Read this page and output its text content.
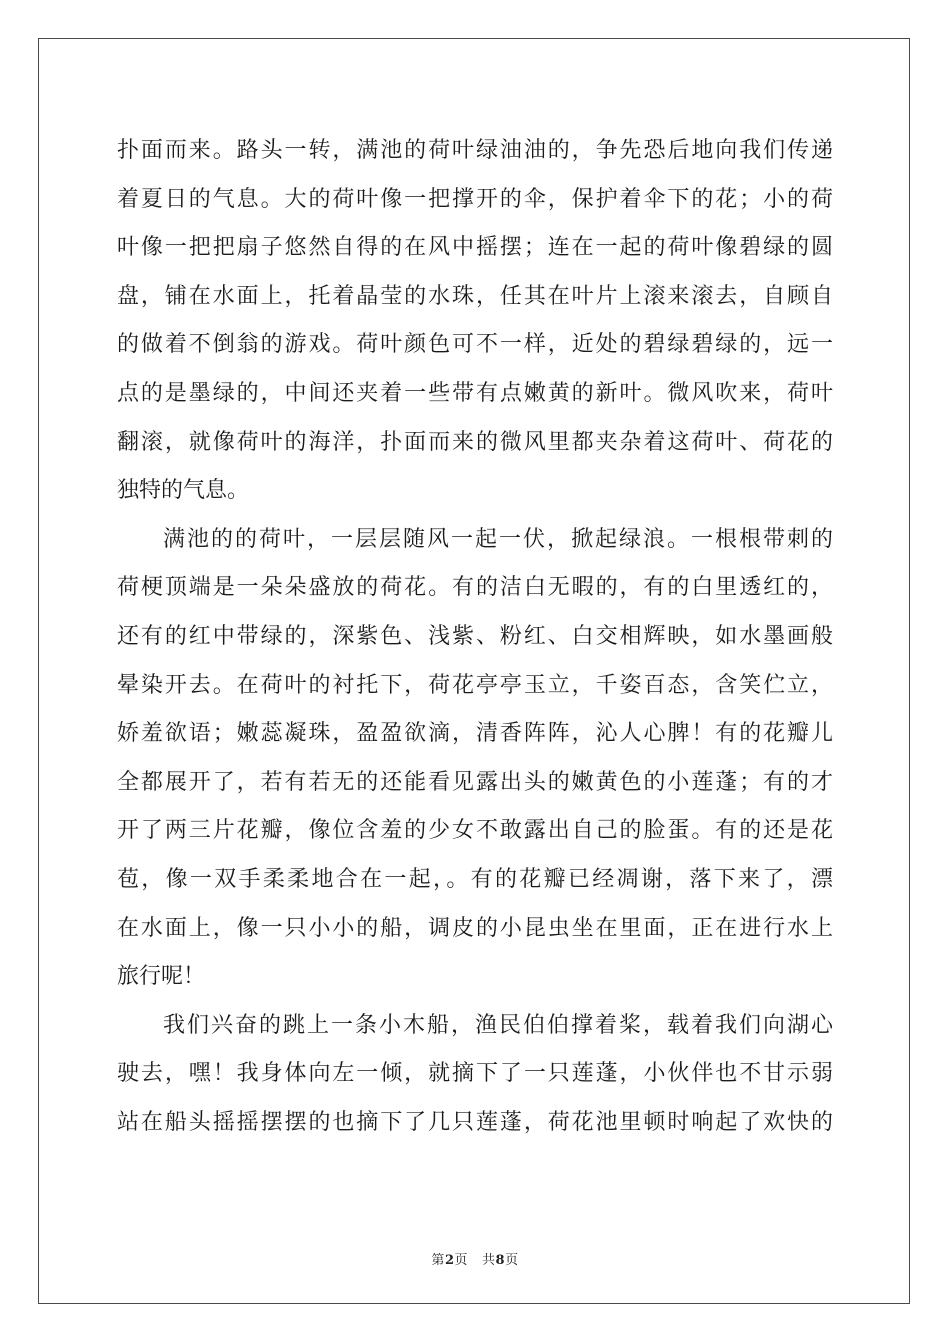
扑面而来。路头一转，满池的荷叶绿油油的，争先恐后地向我们传递
着夏日的气息。大的荷叶像一把撑开的伞，保护着伞下的花；小的荷
叶像一把把扇子悠然自得的在风中摇摆；连在一起的荷叶像碧绿的圆
盘，铺在水面上，托着晶莹的水珠，任其在叶片上滚来滚去，自顾自
的做着不倒翁的游戏。荷叶颜色可不一样，近处的碧绿碧绿的，远一
点的是墨绿的，中间还夹着一些带有点嫩黄的新叶。微风吹来，荷叶
翻滚，就像荷叶的海洋，扑面而来的微风里都夹杂着这荷叶、荷花的
独特的气息。
满池的的荷叶，一层层随风一起一伏，掀起绿浪。一根根带刺的
荷梗顶端是一朵朵盛放的荷花。有的洁白无暇的，有的白里透红的，
还有的红中带绿的，深紫色、浅紫、粉红、白交相辉映，如水墨画般
晕染开去。在荷叶的衬托下，荷花亭亭玉立，千姿百态，含笑伫立，
娇羞欲语；嫩蕊凝珠，盈盈欲滴，清香阵阵，沁人心脾！有的花瓣儿
全都展开了，若有若无的还能看见露出头的嫩黄色的小莲蓬；有的才
开了两三片花瓣，像位含羞的少女不敢露出自己的脸蛋。有的还是花
苞，像一双手柔柔地合在一起，。有的花瓣已经凋谢，落下来了，漂
在水面上，像一只小小的船，调皮的小昆虫坐在里面，正在进行水上
旅行呢！
我们兴奋的跳上一条小木船，渔民伯伯撑着桨，载着我们向湖心
驶去，嘿！我身体向左一倾，就摘下了一只莲蓬，小伙伴也不甘示弱
站在船头摇摇摆摆的也摘下了几只莲蓬，荷花池里顿时响起了欢快的
第2页 共8页
